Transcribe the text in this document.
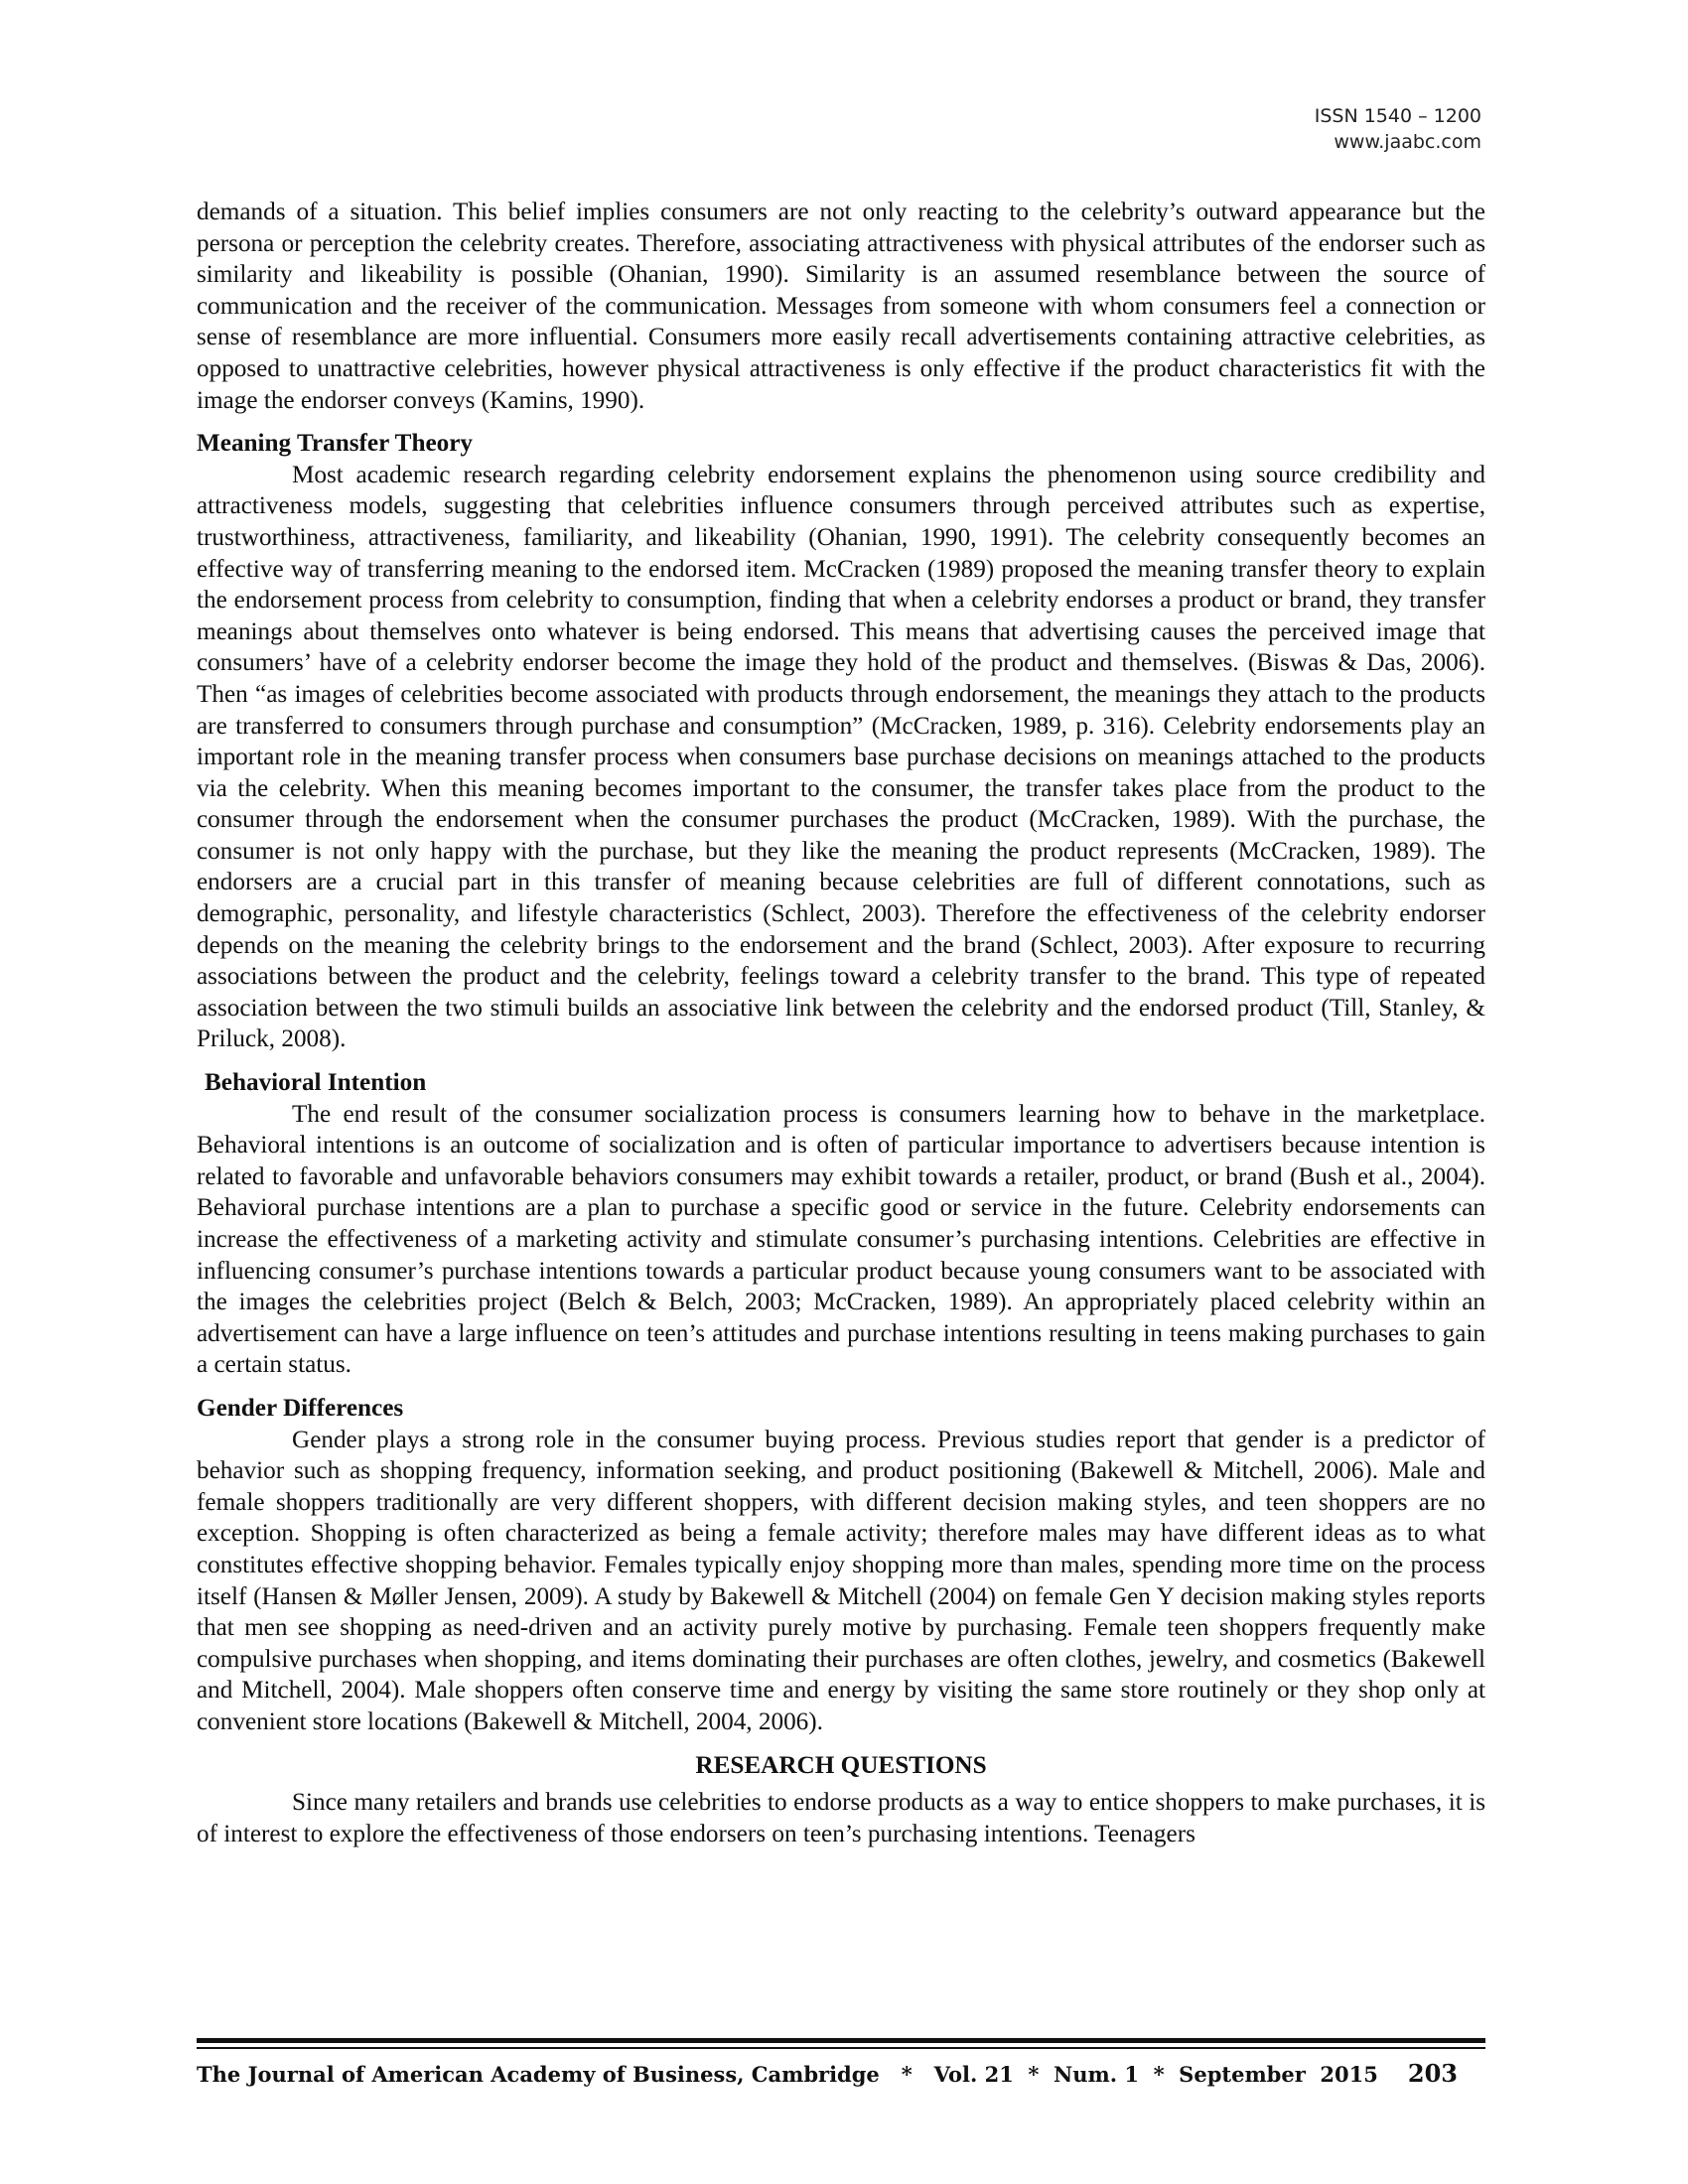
ISSN 1540 – 1200
www.jaabc.com

demands of a situation. This belief implies consumers are not only reacting to the celebrity’s outward appearance but the persona or perception the celebrity creates. Therefore, associating attractiveness with physical attributes of the endorser such as similarity and likeability is possible (Ohanian, 1990). Similarity is an assumed resemblance between the source of communication and the receiver of the communication. Messages from someone with whom consumers feel a connection or sense of resemblance are more influential. Consumers more easily recall advertisements containing attractive celebrities, as opposed to unattractive celebrities, however physical attractiveness is only effective if the product characteristics fit with the image the endorser conveys (Kamins, 1990).

Meaning Transfer Theory

Most academic research regarding celebrity endorsement explains the phenomenon using source credibility and attractiveness models, suggesting that celebrities influence consumers through perceived attributes such as expertise, trustworthiness, attractiveness, familiarity, and likeability (Ohanian, 1990, 1991). The celebrity consequently becomes an effective way of transferring meaning to the endorsed item. McCracken (1989) proposed the meaning transfer theory to explain the endorsement process from celebrity to consumption, finding that when a celebrity endorses a product or brand, they transfer meanings about themselves onto whatever is being endorsed. This means that advertising causes the perceived image that consumers’ have of a celebrity endorser become the image they hold of the product and themselves. (Biswas & Das, 2006). Then “as images of celebrities become associated with products through endorsement, the meanings they attach to the products are transferred to consumers through purchase and consumption” (McCracken, 1989, p. 316). Celebrity endorsements play an important role in the meaning transfer process when consumers base purchase decisions on meanings attached to the products via the celebrity. When this meaning becomes important to the consumer, the transfer takes place from the product to the consumer through the endorsement when the consumer purchases the product (McCracken, 1989). With the purchase, the consumer is not only happy with the purchase, but they like the meaning the product represents (McCracken, 1989). The endorsers are a crucial part in this transfer of meaning because celebrities are full of different connotations, such as demographic, personality, and lifestyle characteristics (Schlect, 2003). Therefore the effectiveness of the celebrity endorser depends on the meaning the celebrity brings to the endorsement and the brand (Schlect, 2003). After exposure to recurring associations between the product and the celebrity, feelings toward a celebrity transfer to the brand. This type of repeated association between the two stimuli builds an associative link between the celebrity and the endorsed product (Till, Stanley, & Priluck, 2008).

Behavioral Intention

The end result of the consumer socialization process is consumers learning how to behave in the marketplace. Behavioral intentions is an outcome of socialization and is often of particular importance to advertisers because intention is related to favorable and unfavorable behaviors consumers may exhibit towards a retailer, product, or brand (Bush et al., 2004). Behavioral purchase intentions are a plan to purchase a specific good or service in the future. Celebrity endorsements can increase the effectiveness of a marketing activity and stimulate consumer’s purchasing intentions. Celebrities are effective in influencing consumer’s purchase intentions towards a particular product because young consumers want to be associated with the images the celebrities project (Belch & Belch, 2003; McCracken, 1989). An appropriately placed celebrity within an advertisement can have a large influence on teen’s attitudes and purchase intentions resulting in teens making purchases to gain a certain status.

Gender Differences

Gender plays a strong role in the consumer buying process. Previous studies report that gender is a predictor of behavior such as shopping frequency, information seeking, and product positioning (Bakewell & Mitchell, 2006). Male and female shoppers traditionally are very different shoppers, with different decision making styles, and teen shoppers are no exception. Shopping is often characterized as being a female activity; therefore males may have different ideas as to what constitutes effective shopping behavior. Females typically enjoy shopping more than males, spending more time on the process itself (Hansen & Møller Jensen, 2009). A study by Bakewell & Mitchell (2004) on female Gen Y decision making styles reports that men see shopping as need-driven and an activity purely motive by purchasing. Female teen shoppers frequently make compulsive purchases when shopping, and items dominating their purchases are often clothes, jewelry, and cosmetics (Bakewell and Mitchell, 2004). Male shoppers often conserve time and energy by visiting the same store routinely or they shop only at convenient store locations (Bakewell & Mitchell, 2004, 2006).

RESEARCH QUESTIONS

Since many retailers and brands use celebrities to endorse products as a way to entice shoppers to make purchases, it is of interest to explore the effectiveness of those endorsers on teen’s purchasing intentions. Teenagers

The Journal of American Academy of Business, Cambridge   *   Vol. 21  *  Num. 1  *  September  2015 203
